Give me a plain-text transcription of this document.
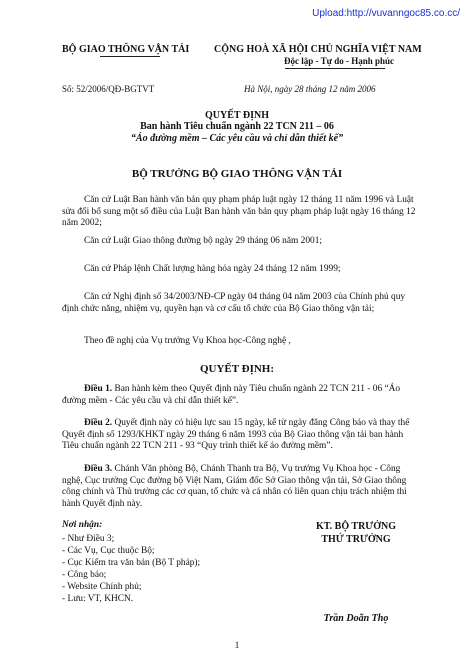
Upload:http://vuvanngoc85.co.cc/
BỘ GIAO THÔNG VẬN TẢI CỘNG HOÀ XÃ HỘI CHỦ NGHĨA VIỆT NAM
Độc lập - Tự do - Hạnh phúc
Số: 52/2006/QĐ-BGTVT	Hà Nội, ngày 28 tháng 12 năm 2006
QUYẾT ĐỊNH
Ban hành Tiêu chuẩn ngành 22 TCN 211 – 06
“Áo đường mềm – Các yêu cầu và chỉ dẫn thiết kế”
BỘ TRƯỞNG BỘ GIAO THÔNG VẬN TẢI

Căn cứ Luật Ban hành văn bản quy phạm pháp luật ngày 12 tháng 11 năm 1996 và Luật sửa đổi bổ sung một số điều của Luật Ban hành văn bản quy phạm pháp luật ngày 16 tháng 12 năm 2002;

Căn cứ Luật Giao thông đường bộ ngày 29 tháng 06 năm 2001;

Căn cứ Pháp lệnh Chất lượng hàng hóa ngày 24 tháng 12 năm 1999;

Căn cứ Nghị định số 34/2003/NĐ-CP ngày 04 tháng 04 năm 2003 của Chính phủ quy định chức năng, nhiệm vụ, quyền hạn và cơ cấu tổ chức của Bộ Giao thông vận tải;

Theo đề nghị của Vụ trưởng Vụ Khoa học-Công nghệ ,

QUYẾT ĐỊNH:

Điều 1. Ban hành kèm theo Quyết định này Tiêu chuẩn ngành 22 TCN 211 - 06 “Áo đường mềm - Các yêu cầu và chỉ dẫn thiết kế”.

Điều 2. Quyết định này có hiệu lực sau 15 ngày, kể từ ngày đăng Công báo và thay thế Quyết định số 1293/KHKT ngày 29 tháng 6 năm 1993 của Bộ Giao thông vận tải ban hành Tiêu chuẩn ngành 22 TCN 211 - 93 “Quy trình thiết kế áo đường mềm”.

Điều 3. Chánh Văn phòng Bộ, Chánh Thanh tra Bộ, Vụ trưởng Vụ Khoa học - Công nghệ, Cục trưởng Cục đường bộ Việt Nam, Giám đốc Sở Giao thông vận tải, Sở Giao thông công chính và Thủ trưởng các cơ quan, tổ chức và cá nhân có liên quan chịu trách nhiệm thi hành Quyết định này.

Nơi nhận:
- Như Điều 3;
- Các Vụ, Cục thuộc Bộ;
- Cục Kiểm tra văn bản (Bộ T pháp);
- Công báo;
- Website Chính phủ;
- Lưu: VT, KHCN.
KT. BỘ TRƯỞNG
THỨ TRƯỞNG
Trần Doãn Thọ
1
